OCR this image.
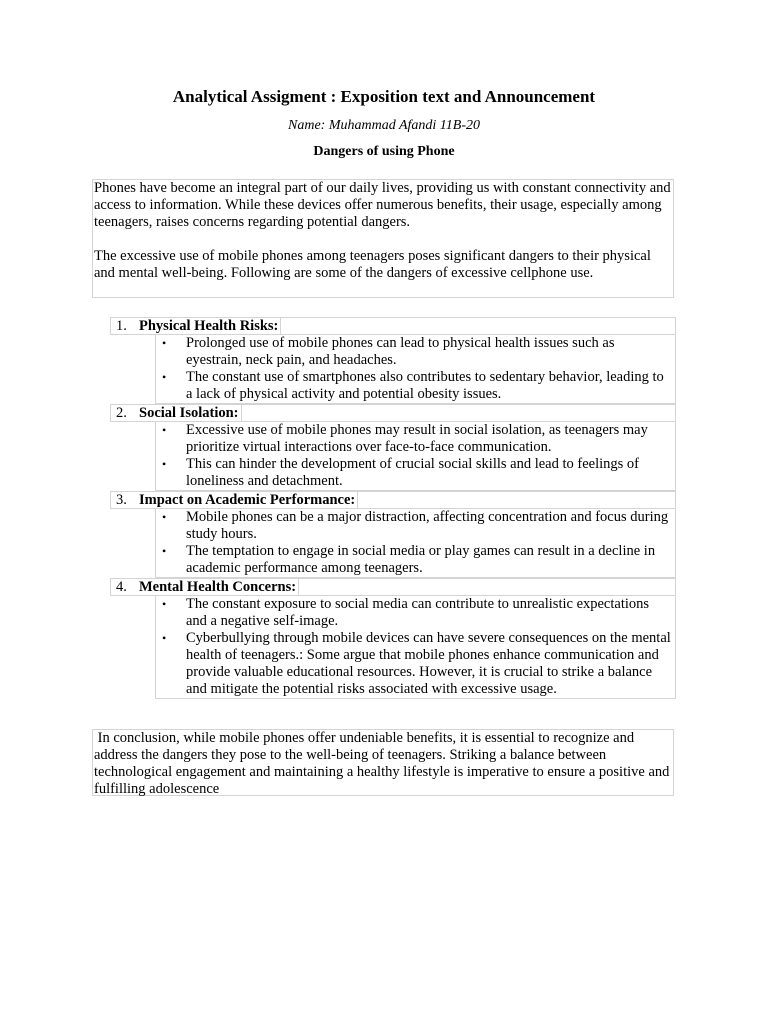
Analytical Assigment : Exposition text and Announcement
Name: Muhammad Afandi 11B-20
Dangers of using Phone

Phones have become an integral part of our daily lives, providing us with constant connectivity and access to information. While these devices offer numerous benefits, their usage, especially among teenagers, raises concerns regarding potential dangers.

The excessive use of mobile phones among teenagers poses significant dangers to their physical and mental well-being. Following are some of the dangers of excessive cellphone use.

1. Physical Health Risks:
• Prolonged use of mobile phones can lead to physical health issues such as eyestrain, neck pain, and headaches.
• The constant use of smartphones also contributes to sedentary behavior, leading to a lack of physical activity and potential obesity issues.
2. Social Isolation:
• Excessive use of mobile phones may result in social isolation, as teenagers may prioritize virtual interactions over face-to-face communication.
• This can hinder the development of crucial social skills and lead to feelings of loneliness and detachment.
3. Impact on Academic Performance:
• Mobile phones can be a major distraction, affecting concentration and focus during study hours.
• The temptation to engage in social media or play games can result in a decline in academic performance among teenagers.
4. Mental Health Concerns:
• The constant exposure to social media can contribute to unrealistic expectations and a negative self-image.
• Cyberbullying through mobile devices can have severe consequences on the mental health of teenagers.: Some argue that mobile phones enhance communication and provide valuable educational resources. However, it is crucial to strike a balance and mitigate the potential risks associated with excessive usage.

In conclusion, while mobile phones offer undeniable benefits, it is essential to recognize and address the dangers they pose to the well-being of teenagers. Striking a balance between technological engagement and maintaining a healthy lifestyle is imperative to ensure a positive and fulfilling adolescence
